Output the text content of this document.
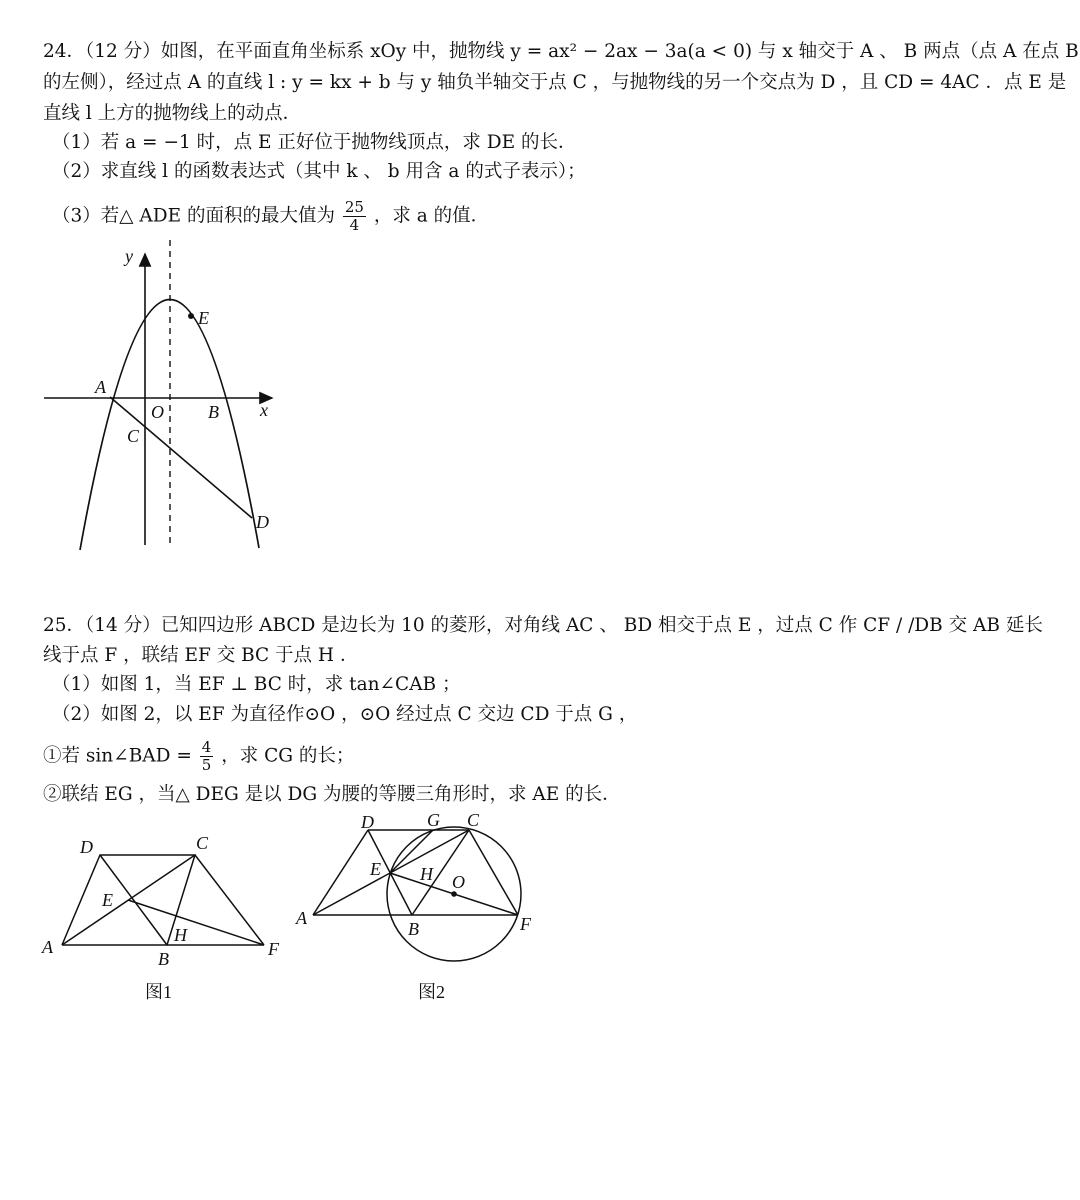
24．（12 分）如图，在平面直角坐标系 xOy 中，抛物线 y = ax² − 2ax − 3a(a < 0) 与 x 轴交于 A 、 B 两点（点 A 在点 B
的左侧），经过点 A 的直线 l : y = kx + b 与 y 轴负半轴交于点 C ，与抛物线的另一个交点为 D ，且 CD = 4AC ．点 E 是
直线 l 上方的抛物线上的动点．
（1）若 a = −1 时，点 E 正好位于抛物线顶点，求 DE 的长．
（2）求直线 l 的函数表达式（其中 k 、 b 用含 a 的式子表示）；
（3）若△ ADE 的面积的最大值为 $\frac{25}{4}$ ，求 a 的值．
y
x
A
O B
C
D
E
25．（14 分）已知四边形 ABCD 是边长为 10 的菱形，对角线 AC 、 BD 相交于点 E ，过点 C 作 CF / /DB 交 AB 延长
线于点 F ，联结 EF 交 BC 于点 H ．
（1）如图 1，当 EF ⊥ BC 时，求 tan∠CAB ；
（2）如图 2，以 EF 为直径作⊙O ，⊙O 经过点 C 交边 CD 于点 G ，
①若 sin∠BAD = $\frac{4}{5}$ ，求 CG 的长；
②联结 EG ，当△ DEG 是以 DG 为腰的等腰三角形时，求 AE 的长．
A
B
C
D
E
F
H
A
B
C
D
E
F
G
H O
图1	图2
